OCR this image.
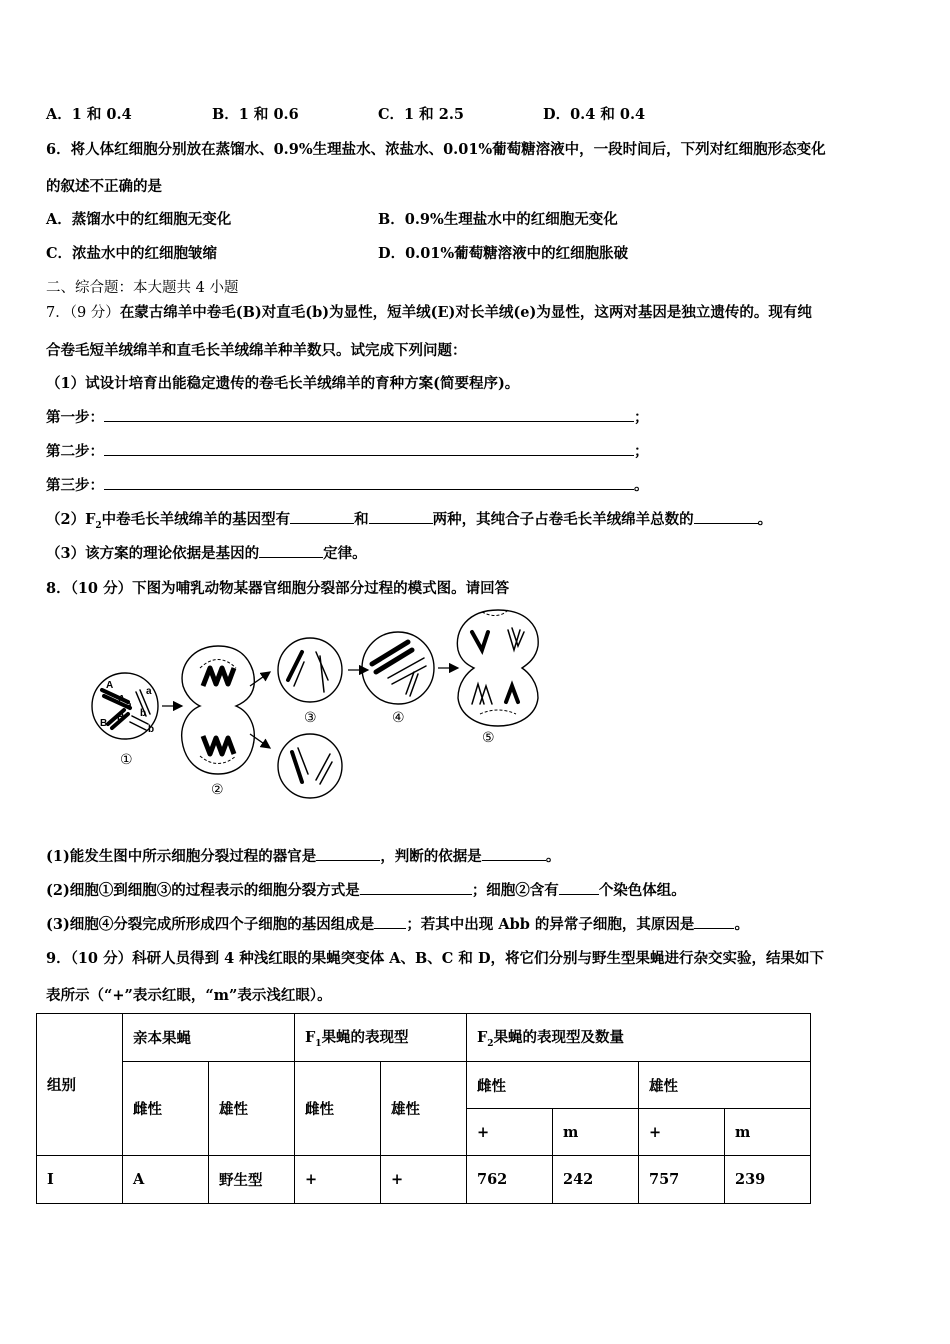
A．1 和 0.4	B．1 和 0.6	C．1 和 2.5	D．0.4 和 0.4
6．将人体红细胞分别放在蒸馏水、0.9%生理盐水、浓盐水、0.01%葡萄糖溶液中，一段时间后，下列对红细胞形态变化
的叙述不正确的是
A．蒸馏水中的红细胞无变化	B．0.9%生理盐水中的红细胞无变化
C．浓盐水中的红细胞皱缩	D．0.01%葡萄糖溶液中的红细胞胀破
二、综合题：本大题共 4 小题
7．（9 分）在蒙古绵羊中卷毛(B)对直毛(b)为显性，短羊绒(E)对长羊绒(e)为显性，这两对基因是独立遗传的。现有纯
合卷毛短羊绒绵羊和直毛长羊绒绵羊种羊数只。试完成下列问题：
（1）试设计培育出能稳定遗传的卷毛长羊绒绵羊的育种方案(简要程序)。
第一步：	；
第二步：	；
第三步：	。
$(2)F_2$中卷毛长羊绒绵羊的基因型有	和	两种，其纯合子占卷毛长羊绒绵羊总数的	。
（3）该方案的理论依据是基因的	定律。
8．（10 分）下图为哺乳动物某器官细胞分裂部分过程的模式图。请回答
A
A
a
a
B
B
b
b
①
②
③	④
⑤
(1)能发生图中所示细胞分裂过程的器官是	，判断的依据是	。
(2)细胞①到细胞③的过程表示的细胞分裂方式是	；细胞②含有	个染色体组。
(3)细胞④分裂完成所形成四个子细胞的基因组成是 ；若其中出现 Abb 的异常子细胞，其原因是	。
9．（10 分）科研人员得到 4 种浅红眼的果蝇突变体 A、B、C 和 D，将它们分别与野生型果蝇进行杂交实验，结果如下
表所示（“+”表示红眼，“m”表示浅红眼）。
组别	亲本果蝇		$F_1$果蝇的表现型		$F_2$果蝇的表现型及数量			
	雌性	雄性	雌性	雄性	雌性		雄性	
					+	m	+	m
I	A	野生型	+	+	762	242	757	239
